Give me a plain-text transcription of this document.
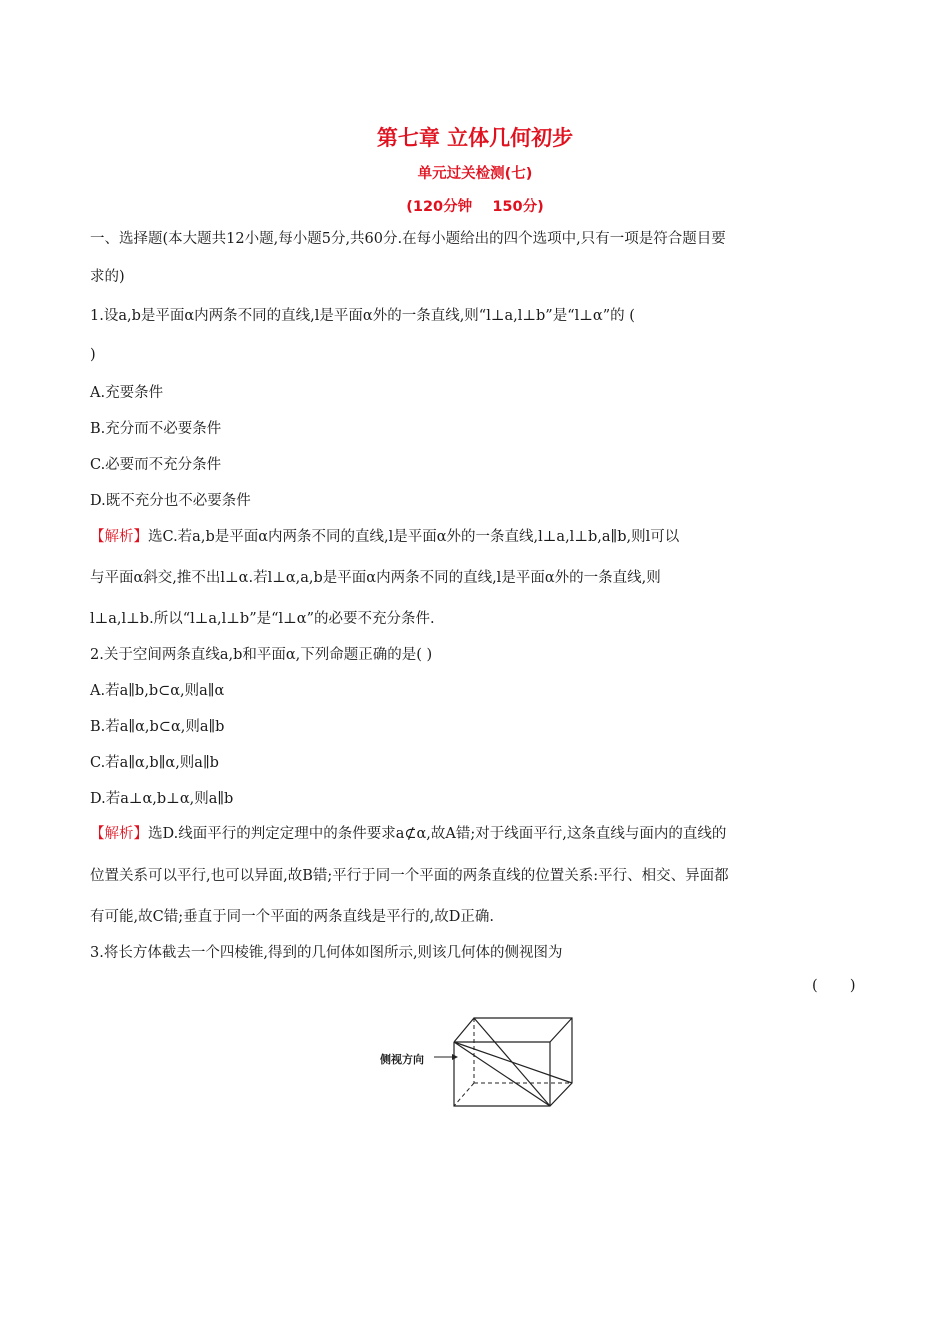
第七章 立体几何初步
单元过关检测(七)
(120分钟    150分)
一、选择题(本大题共12小题,每小题5分,共60分.在每小题给出的四个选项中,只有一项是符合题目要
求的)
1.设a,b是平面α内两条不同的直线,l是平面α外的一条直线,则“l⊥a,l⊥b”是“l⊥α”的 (
)
A.充要条件
B.充分而不必要条件
C.必要而不充分条件
D.既不充分也不必要条件
【解析】选C.若a,b是平面α内两条不同的直线,l是平面α外的一条直线,l⊥a,l⊥b,a∥b,则l可以
与平面α斜交,推不出l⊥α.若l⊥α,a,b是平面α内两条不同的直线,l是平面α外的一条直线,则
l⊥a,l⊥b.所以“l⊥a,l⊥b”是“l⊥α”的必要不充分条件.
2.关于空间两条直线a,b和平面α,下列命题正确的是( )
A.若a∥b,b⊂α,则a∥α
B.若a∥α,b⊂α,则a∥b
C.若a∥α,b∥α,则a∥b
D.若a⊥α,b⊥α,则a∥b
【解析】选D.线面平行的判定定理中的条件要求a⊄α,故A错;对于线面平行,这条直线与面内的直线的
位置关系可以平行,也可以异面,故B错;平行于同一个平面的两条直线的位置关系:平行、相交、异面都
有可能,故C错;垂直于同一个平面的两条直线是平行的,故D正确.
3.将长方体截去一个四棱锥,得到的几何体如图所示,则该几何体的侧视图为
(       )
侧视方向
